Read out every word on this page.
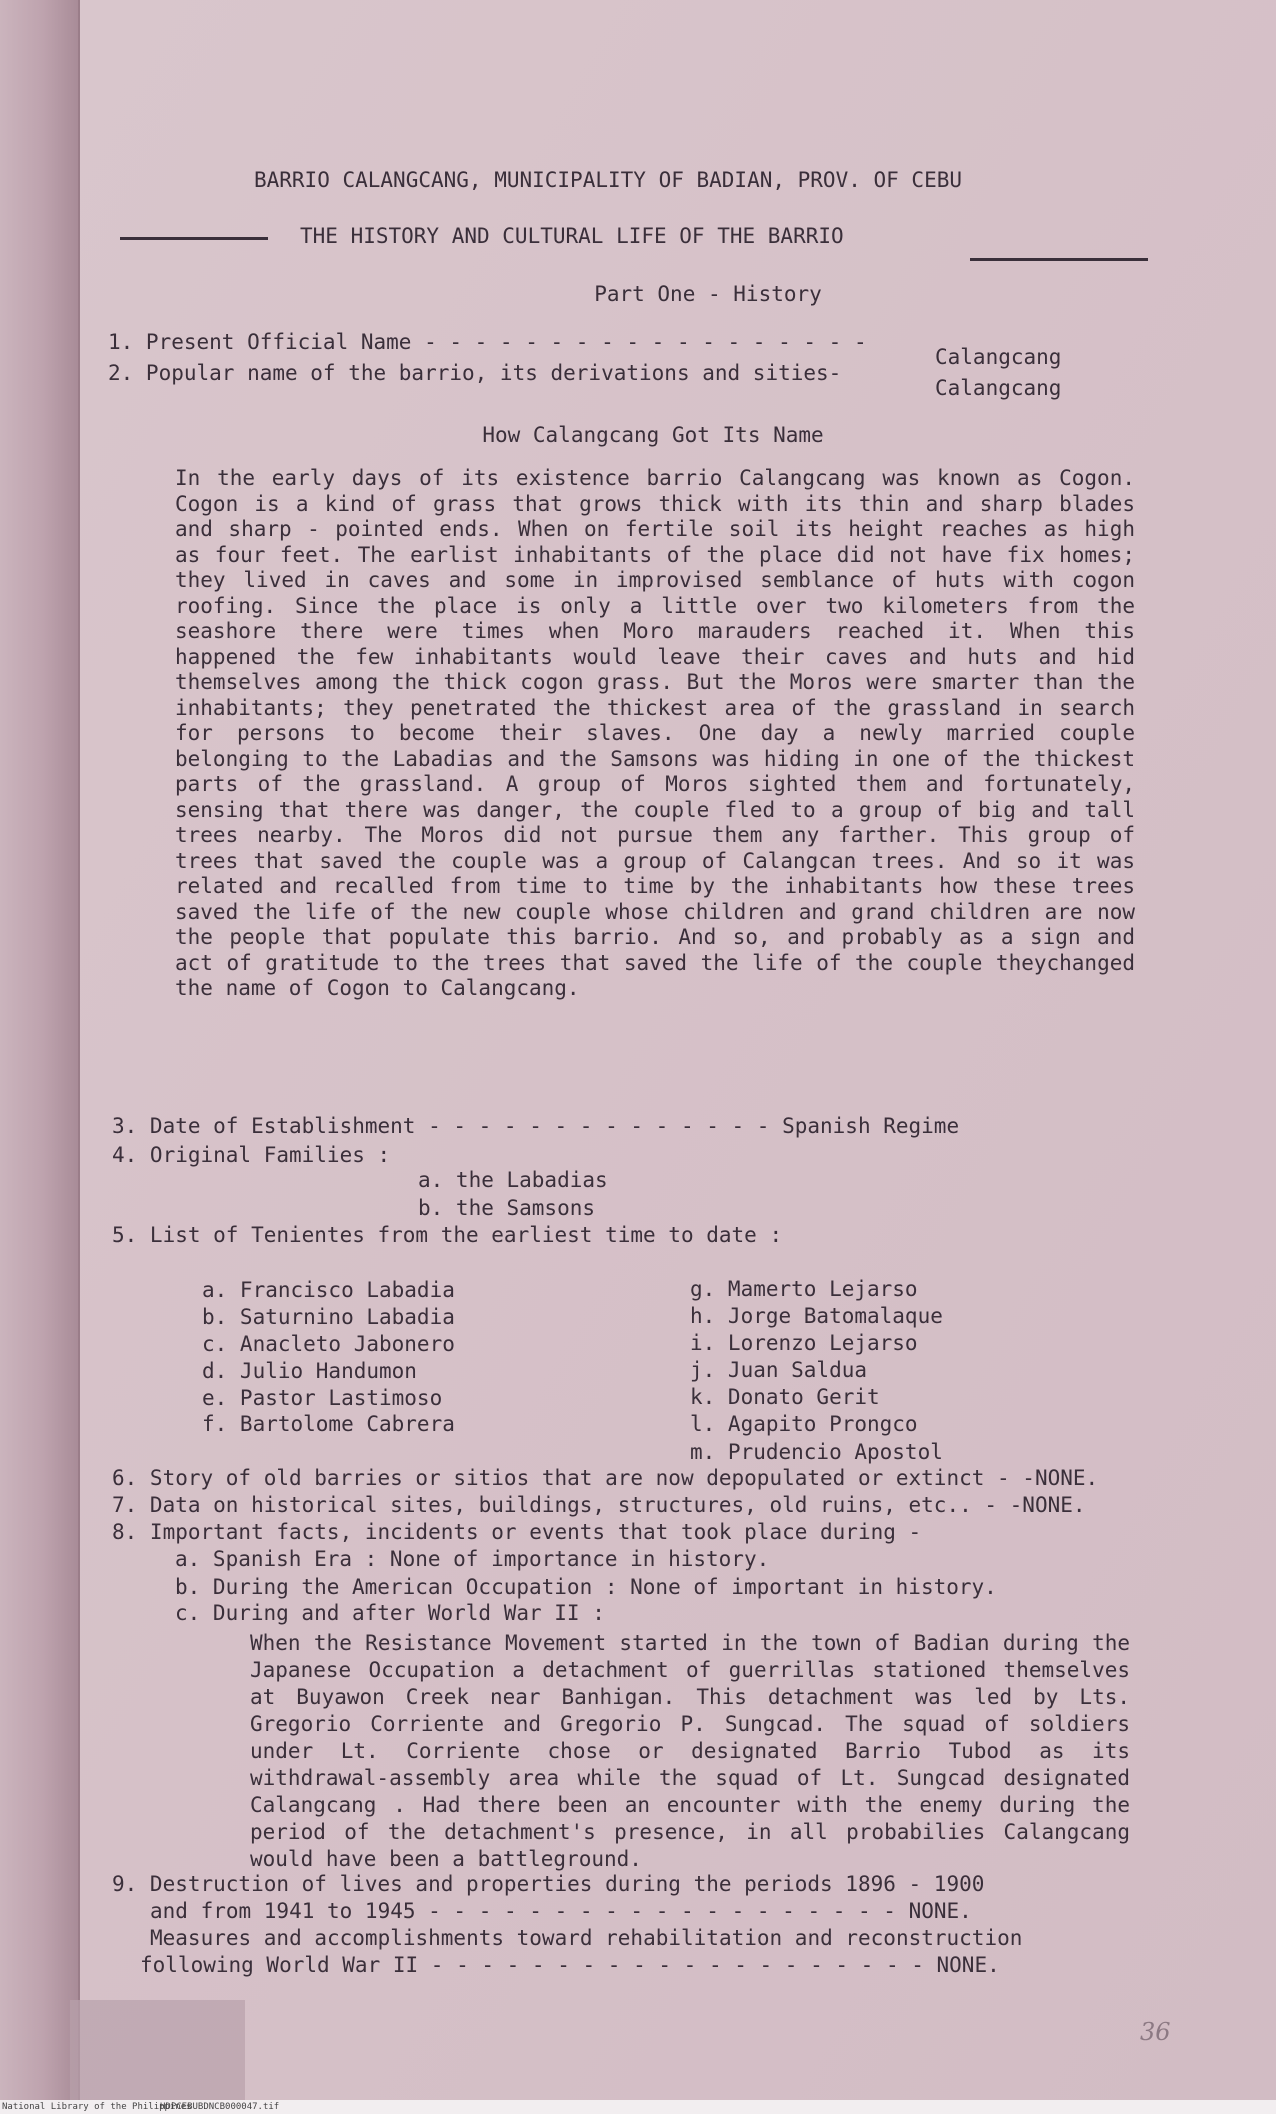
BARRIO CALANGCANG, MUNICIPALITY OF BADIAN, PROV. OF CEBU
THE HISTORY AND CULTURAL LIFE OF THE BARRIO
Part One - History
1. Present Official Name - - - - - - - - - - - - - - - - - -
Calangcang
2. Popular name of the barrio, its derivations and sities-
Calangcang
How Calangcang Got Its Name
In the early days of its existence barrio Calangcang was known as Cogon. Cogon is a kind of grass that grows thick with its thin and sharp blades and sharp - pointed ends. When on fertile soil its height reaches as high as four feet. The earlist inhabitants of the place did not have fix homes; they lived in caves and some in improvised semblance of huts with cogon roofing. Since the place is only a little over two kilometers from the seashore there were times when Moro marauders reached it. When this happened the few inhabitants would leave their caves and huts and hid themselves among the thick cogon grass. But the Moros were smarter than the inhabitants; they penetrated the thickest area of the grassland in search for persons to become their slaves. One day a newly married couple belonging to the Labadias and the Samsons was hiding in one of the thickest parts of the grassland. A group of Moros sighted them and fortunately, sensing that there was danger, the couple fled to a group of big and tall trees nearby. The Moros did not pursue them any farther. This group of trees that saved the couple was a group of Calangcan trees. And so it was related and recalled from time to time by the inhabitants how these trees saved the life of the new couple whose children and grand children are now the people that populate this barrio. And so, and probably as a sign and act of gratitude to the trees that saved the life of the couple theychanged the name of Cogon to Calangcang.
3. Date of Establishment - - - - - - - - - - - - - - Spanish Regime
4. Original Families :
a. the Labadias
b. the Samsons
5. List of Tenientes from the earliest time to date :
a. Francisco Labadia
b. Saturnino Labadia
c. Anacleto Jabonero
d. Julio Handumon
e. Pastor Lastimoso
f. Bartolome Cabrera
g. Mamerto Lejarso
h. Jorge Batomalaque
i. Lorenzo Lejarso
j. Juan Saldua
k. Donato Gerit
l. Agapito Prongco
m. Prudencio Apostol
6. Story of old barries or sitios that are now depopulated or extinct - -NONE.
7. Data on historical sites, buildings, structures, old ruins, etc.. - -NONE.
8. Important facts, incidents or events that took place during -
a. Spanish Era : None of importance in history.
b. During the American Occupation : None of important in history.
c. During and after World War II :
When the Resistance Movement started in the town of Badian during the Japanese Occupation a detachment of guerrillas stationed themselves at Buyawon Creek near Banhigan. This detachment was led by Lts. Gregorio Corriente and Gregorio P. Sungcad. The squad of soldiers under Lt. Corriente chose or designated Barrio Tubod as its withdrawal-assembly area while the squad of Lt. Sungcad designated Calangcang . Had there been an encounter with the enemy during the period of the detachment's presence, in all probabilies Calangcang would have been a battleground.
9. Destruction of lives and properties during the periods 1896 - 1900
and from 1941 to 1945 - - - - - - - - - - - - - - - - - - - NONE.
Measures and accomplishments toward rehabilitation and reconstruction
following World War II - - - - - - - - - - - - - - - - - - - - NONE.
36
National Library of the Philippines
HDPCEBUBDNCB000047.tif
